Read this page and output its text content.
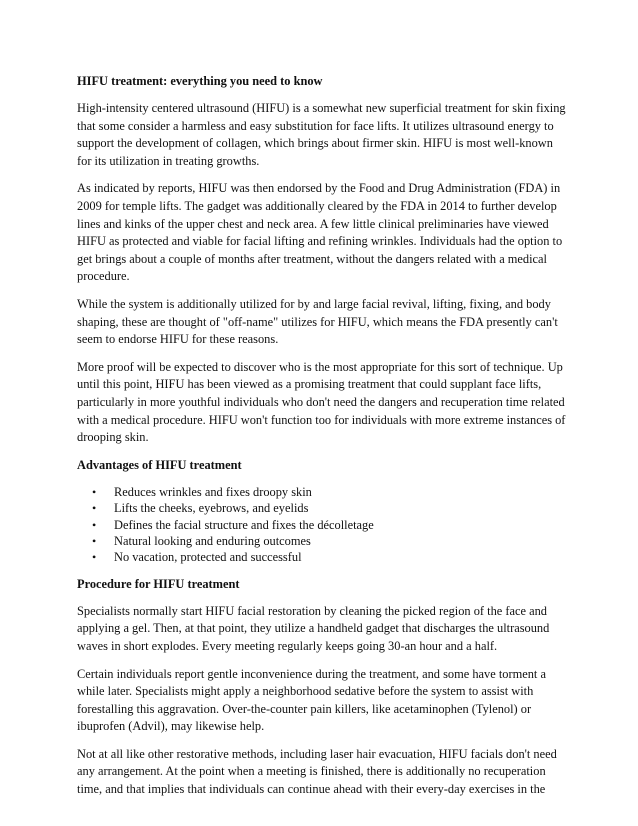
HIFU treatment: everything you need to know

High-intensity centered ultrasound (HIFU) is a somewhat new superficial treatment for skin fixing that some consider a harmless and easy substitution for face lifts. It utilizes ultrasound energy to support the development of collagen, which brings about firmer skin. HIFU is most well-known for its utilization in treating growths.

As indicated by reports, HIFU was then endorsed by the Food and Drug Administration (FDA) in 2009 for temple lifts. The gadget was additionally cleared by the FDA in 2014 to further develop lines and kinks of the upper chest and neck area. A few little clinical preliminaries have viewed HIFU as protected and viable for facial lifting and refining wrinkles. Individuals had the option to get brings about a couple of months after treatment, without the dangers related with a medical procedure.

While the system is additionally utilized for by and large facial revival, lifting, fixing, and body shaping, these are thought of "off-name" utilizes for HIFU, which means the FDA presently can't seem to endorse HIFU for these reasons.

More proof will be expected to discover who is the most appropriate for this sort of technique. Up until this point, HIFU has been viewed as a promising treatment that could supplant face lifts, particularly in more youthful individuals who don't need the dangers and recuperation time related with a medical procedure. HIFU won't function too for individuals with more extreme instances of drooping skin.

Advantages of HIFU treatment
• Reduces wrinkles and fixes droopy skin
• Lifts the cheeks, eyebrows, and eyelids
• Defines the facial structure and fixes the décolletage
• Natural looking and enduring outcomes
• No vacation, protected and successful
Procedure for HIFU treatment

Specialists normally start HIFU facial restoration by cleaning the picked region of the face and applying a gel. Then, at that point, they utilize a handheld gadget that discharges the ultrasound waves in short explodes. Every meeting regularly keeps going 30-an hour and a half.

Certain individuals report gentle inconvenience during the treatment, and some have torment a while later. Specialists might apply a neighborhood sedative before the system to assist with forestalling this aggravation. Over-the-counter pain killers, like acetaminophen (Tylenol) or ibuprofen (Advil), may likewise help.

Not at all like other restorative methods, including laser hair evacuation, HIFU facials don't need any arrangement. At the point when a meeting is finished, there is additionally no recuperation time, and that implies that individuals can continue ahead with their every-day exercises in the
